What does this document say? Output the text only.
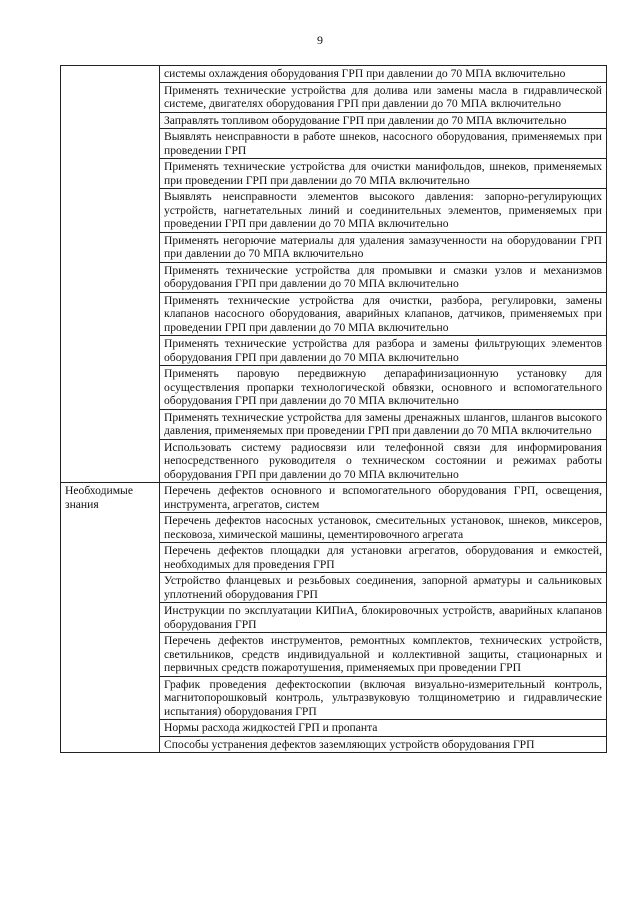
9
	системы охлаждения оборудования ГРП при давлении до 70 МПА включительно
	Применять технические устройства для долива или замены масла в гидравлической системе, двигателях оборудования ГРП при давлении до 70 МПА включительно
	Заправлять топливом оборудование ГРП при давлении до 70 МПА включительно
	Выявлять неисправности в работе шнеков, насосного оборудования, применяемых при проведении ГРП
	Применять технические устройства для очистки манифольдов, шнеков, применяемых при проведении ГРП при давлении до 70 МПА включительно
	Выявлять неисправности элементов высокого давления: запорно-регулирующих устройств, нагнетательных линий и соединительных элементов, применяемых при проведении ГРП при давлении до 70 МПА включительно
	Применять негорючие материалы для удаления замазученности на оборудовании ГРП при давлении до 70 МПА включительно
	Применять технические устройства для промывки и смазки узлов и механизмов оборудования ГРП при давлении до 70 МПА включительно
	Применять технические устройства для очистки, разбора, регулировки, замены клапанов насосного оборудования, аварийных клапанов, датчиков, применяемых при проведении ГРП при давлении до 70 МПА включительно
	Применять технические устройства для разбора и замены фильтрующих элементов оборудования ГРП при давлении до 70 МПА включительно
	Применять паровую передвижную депарафинизационную установку для осуществления пропарки технологической обвязки, основного и вспомогательного оборудования ГРП при давлении до 70 МПА включительно
	Применять технические устройства для замены дренажных шлангов, шлангов высокого давления, применяемых при проведении ГРП при давлении до 70 МПА включительно
	Использовать систему радиосвязи или телефонной связи для информирования непосредственного руководителя о техническом состоянии и режимах работы оборудования ГРП при давлении до 70 МПА включительно
Необходимые знания	Перечень дефектов основного и вспомогательного оборудования ГРП, освещения, инструмента, агрегатов, систем
	Перечень дефектов насосных установок, смесительных установок, шнеков, миксеров, песковоза, химической машины, цементировочного агрегата
	Перечень дефектов площадки для установки агрегатов, оборудования и емкостей, необходимых для проведения ГРП
	Устройство фланцевых и резьбовых соединения, запорной арматуры и сальниковых уплотнений оборудования ГРП
	Инструкции по эксплуатации КИПиА, блокировочных устройств, аварийных клапанов оборудования ГРП
	Перечень дефектов инструментов, ремонтных комплектов, технических устройств, светильников, средств индивидуальной и коллективной защиты, стационарных и первичных средств пожаротушения, применяемых при проведении ГРП
	График проведения дефектоскопии (включая визуально-измерительный контроль, магнитопорошковый контроль, ультразвуковую толщинометрию и гидравлические испытания) оборудования ГРП
	Нормы расхода жидкостей ГРП и пропанта
	Способы устранения дефектов заземляющих устройств оборудования ГРП
